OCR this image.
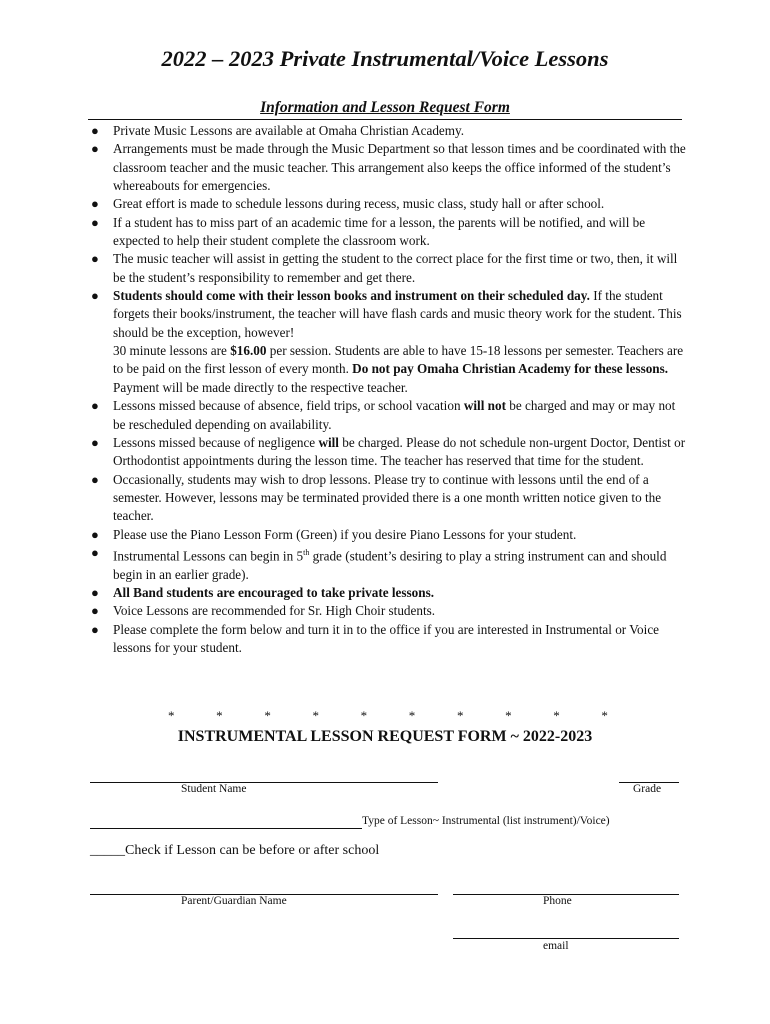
2022 – 2023 Private Instrumental/Voice Lessons
Information and Lesson Request Form
● Private Music Lessons are available at Omaha Christian Academy.
● Arrangements must be made through the Music Department so that lesson times and be coordinated with the classroom teacher and the music teacher. This arrangement also keeps the office informed of the student’s whereabouts for emergencies.
● Great effort is made to schedule lessons during recess, music class, study hall or after school.
● If a student has to miss part of an academic time for a lesson, the parents will be notified, and will be expected to help their student complete the classroom work.
● The music teacher will assist in getting the student to the correct place for the first time or two, then, it will be the student’s responsibility to remember and get there.
● Students should come with their lesson books and instrument on their scheduled day. If the student forgets their books/instrument, the teacher will have flash cards and music theory work for the student. This should be the exception, however!
30 minute lessons are $16.00 per session. Students are able to have 15-18 lessons per semester. Teachers are to be paid on the first lesson of every month. Do not pay Omaha Christian Academy for these lessons. Payment will be made directly to the respective teacher.
● Lessons missed because of absence, field trips, or school vacation will not be charged and may or may not be rescheduled depending on availability.
● Lessons missed because of negligence will be charged. Please do not schedule non-urgent Doctor, Dentist or Orthodontist appointments during the lesson time. The teacher has reserved that time for the student.
● Occasionally, students may wish to drop lessons. Please try to continue with lessons until the end of a semester. However, lessons may be terminated provided there is a one month written notice given to the teacher.
● Please use the Piano Lesson Form (Green) if you desire Piano Lessons for your student.
● Instrumental Lessons can begin in 5th grade (student’s desiring to play a string instrument can and should begin in an earlier grade).
● All Band students are encouraged to take private lessons.
● Voice Lessons are recommended for Sr. High Choir students.
● Please complete the form below and turn it in to the office if you are interested in Instrumental or Voice lessons for your student.
*	*	*	*	*	*	*	*	*	*
INSTRUMENTAL LESSON REQUEST FORM ~ 2022-2023
Student Name	Grade
Type of Lesson~ Instrumental (list instrument)/Voice)
_____Check if Lesson can be before or after school
Parent/Guardian Name	Phone
email
